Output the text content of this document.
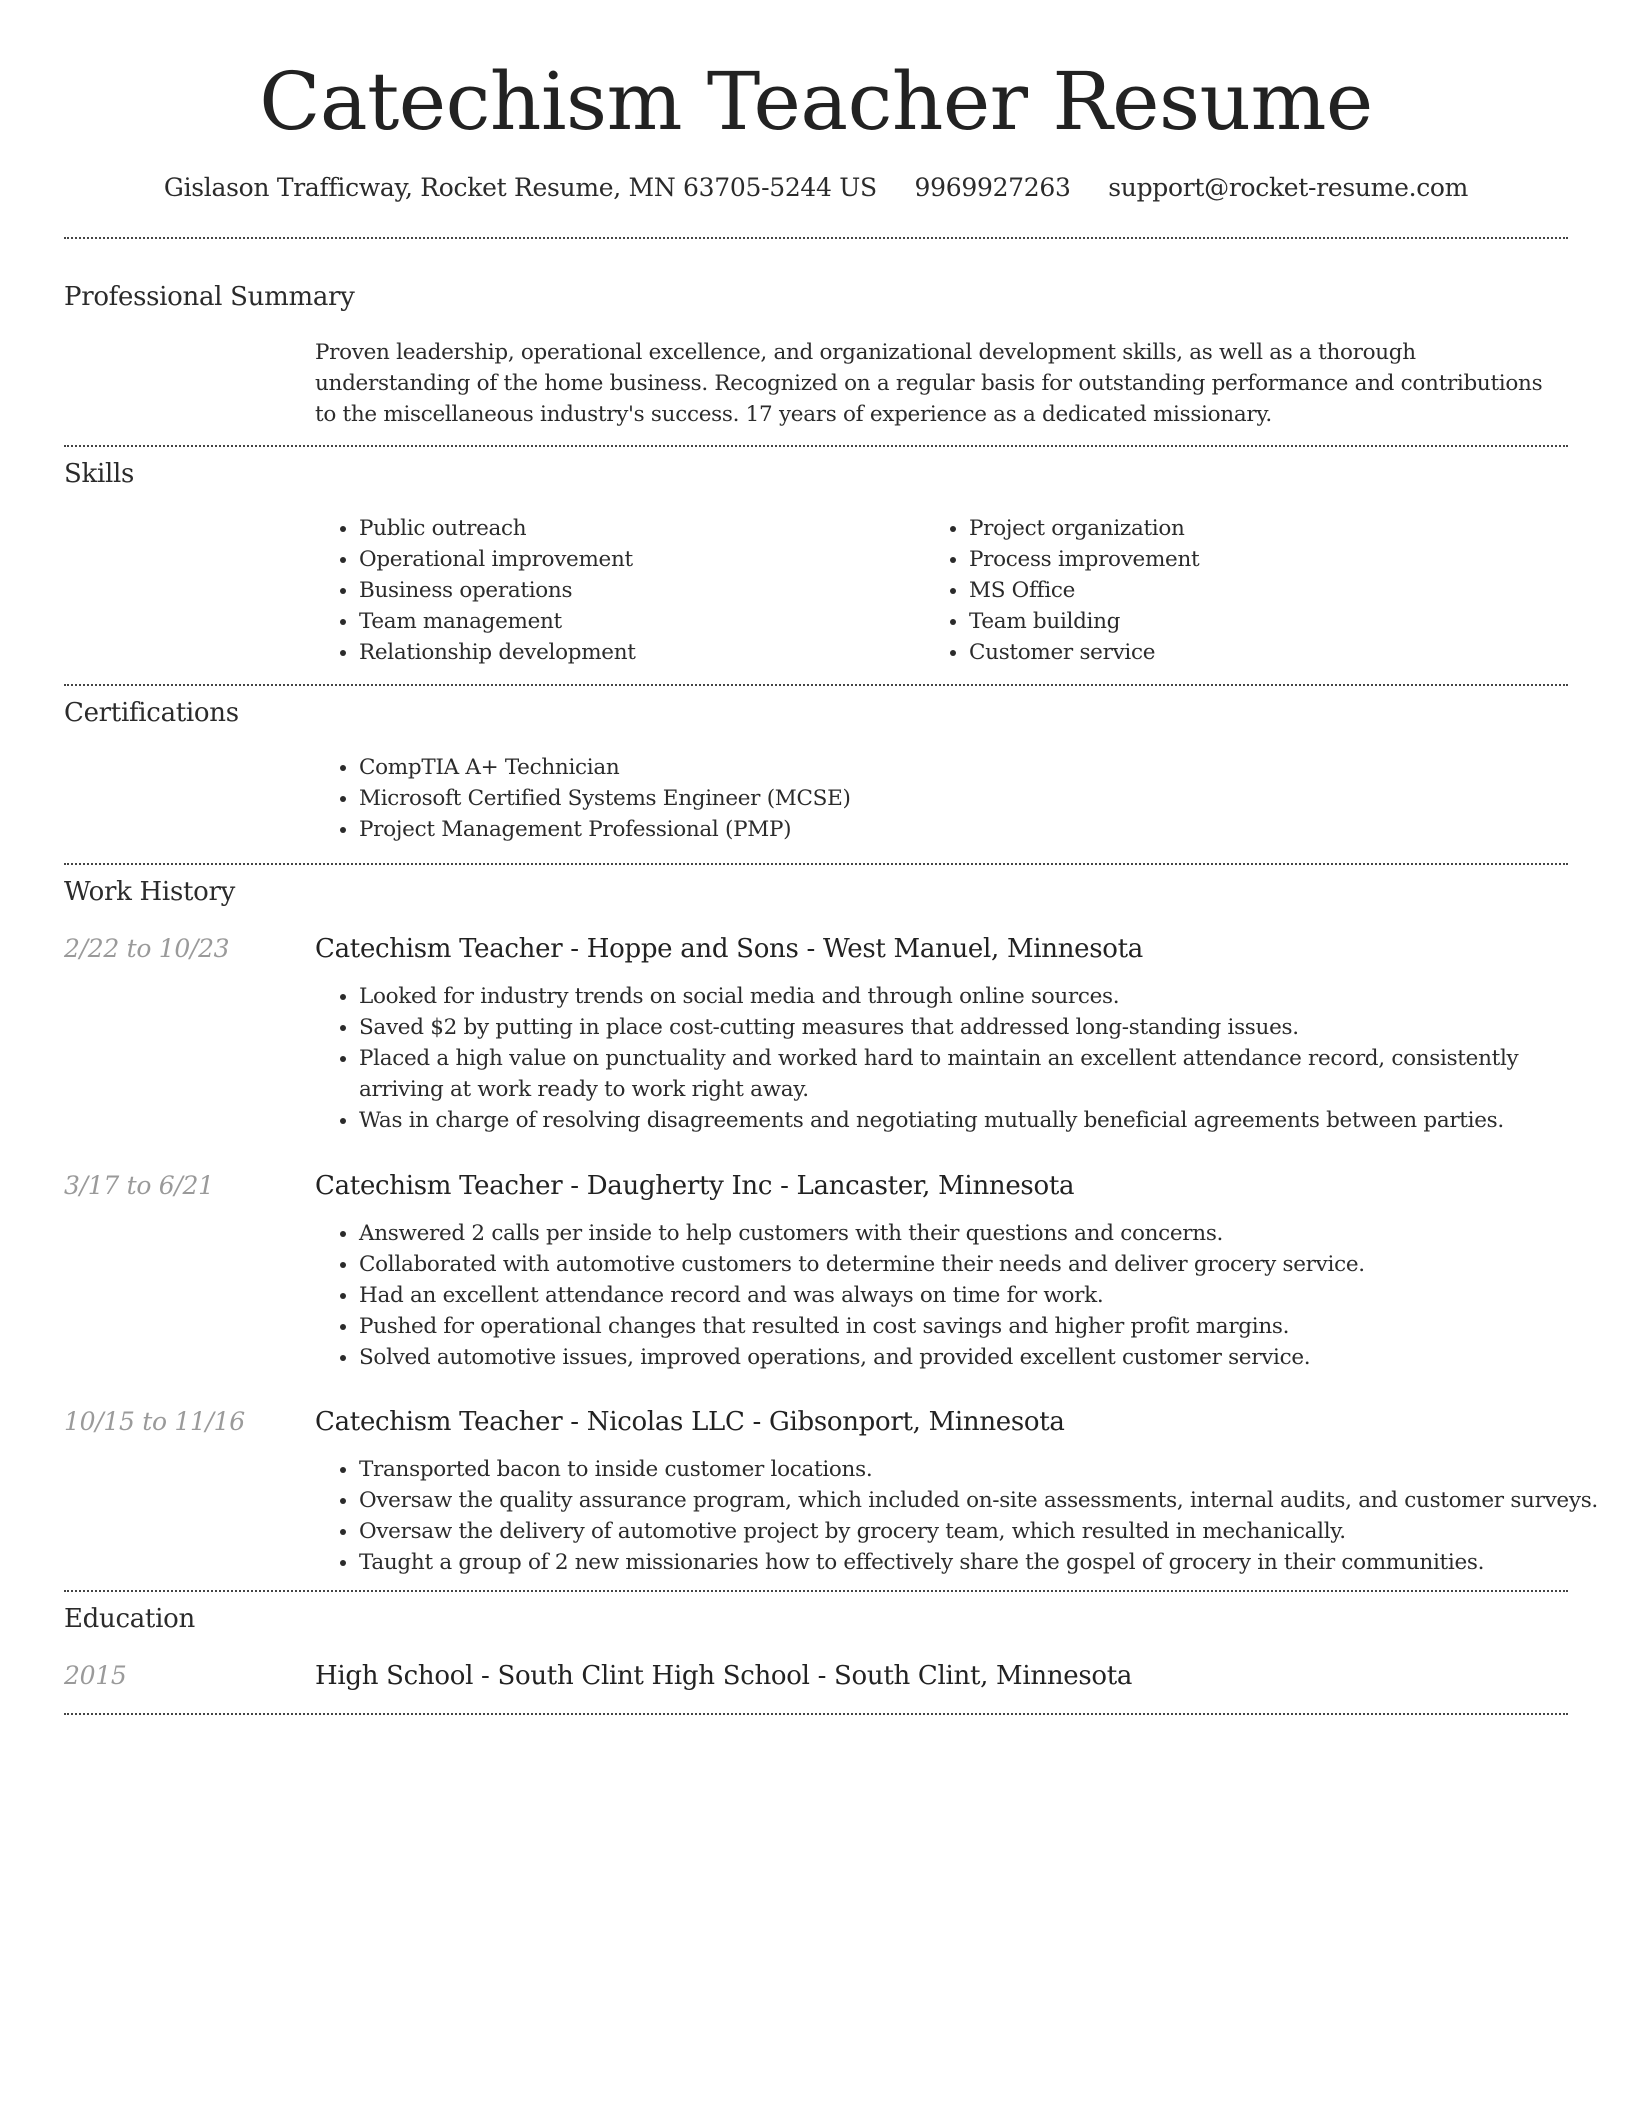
Catechism Teacher Resume
Gislason Trafficway, Rocket Resume, MN 63705-5244 US 9969927263 support@rocket-resume.com
Professional Summary
Proven leadership, operational excellence, and organizational development skills, as well as a thorough understanding of the home business. Recognized on a regular basis for outstanding performance and contributions to the miscellaneous industry's success. 17 years of experience as a dedicated missionary.
Skills
• Public outreach
• Operational improvement
• Business operations
• Team management
• Relationship development
• Project organization
• Process improvement
• MS Office
• Team building
• Customer service
Certifications
• CompTIA A+ Technician
• Microsoft Certified Systems Engineer (MCSE)
• Project Management Professional (PMP)
Work History
2/22 to 10/23	Catechism Teacher - Hoppe and Sons - West Manuel, Minnesota
• Looked for industry trends on social media and through online sources.
• Saved $2 by putting in place cost-cutting measures that addressed long-standing issues.
• Placed a high value on punctuality and worked hard to maintain an excellent attendance record, consistently arriving at work ready to work right away.
• Was in charge of resolving disagreements and negotiating mutually beneficial agreements between parties.
3/17 to 6/21	Catechism Teacher - Daugherty Inc - Lancaster, Minnesota
• Answered 2 calls per inside to help customers with their questions and concerns.
• Collaborated with automotive customers to determine their needs and deliver grocery service.
• Had an excellent attendance record and was always on time for work.
• Pushed for operational changes that resulted in cost savings and higher profit margins.
• Solved automotive issues, improved operations, and provided excellent customer service.
10/15 to 11/16	Catechism Teacher - Nicolas LLC - Gibsonport, Minnesota
• Transported bacon to inside customer locations.
• Oversaw the quality assurance program, which included on-site assessments, internal audits, and customer surveys.
• Oversaw the delivery of automotive project by grocery team, which resulted in mechanically.
• Taught a group of 2 new missionaries how to effectively share the gospel of grocery in their communities.
Education
2015	High School - South Clint High School - South Clint, Minnesota
